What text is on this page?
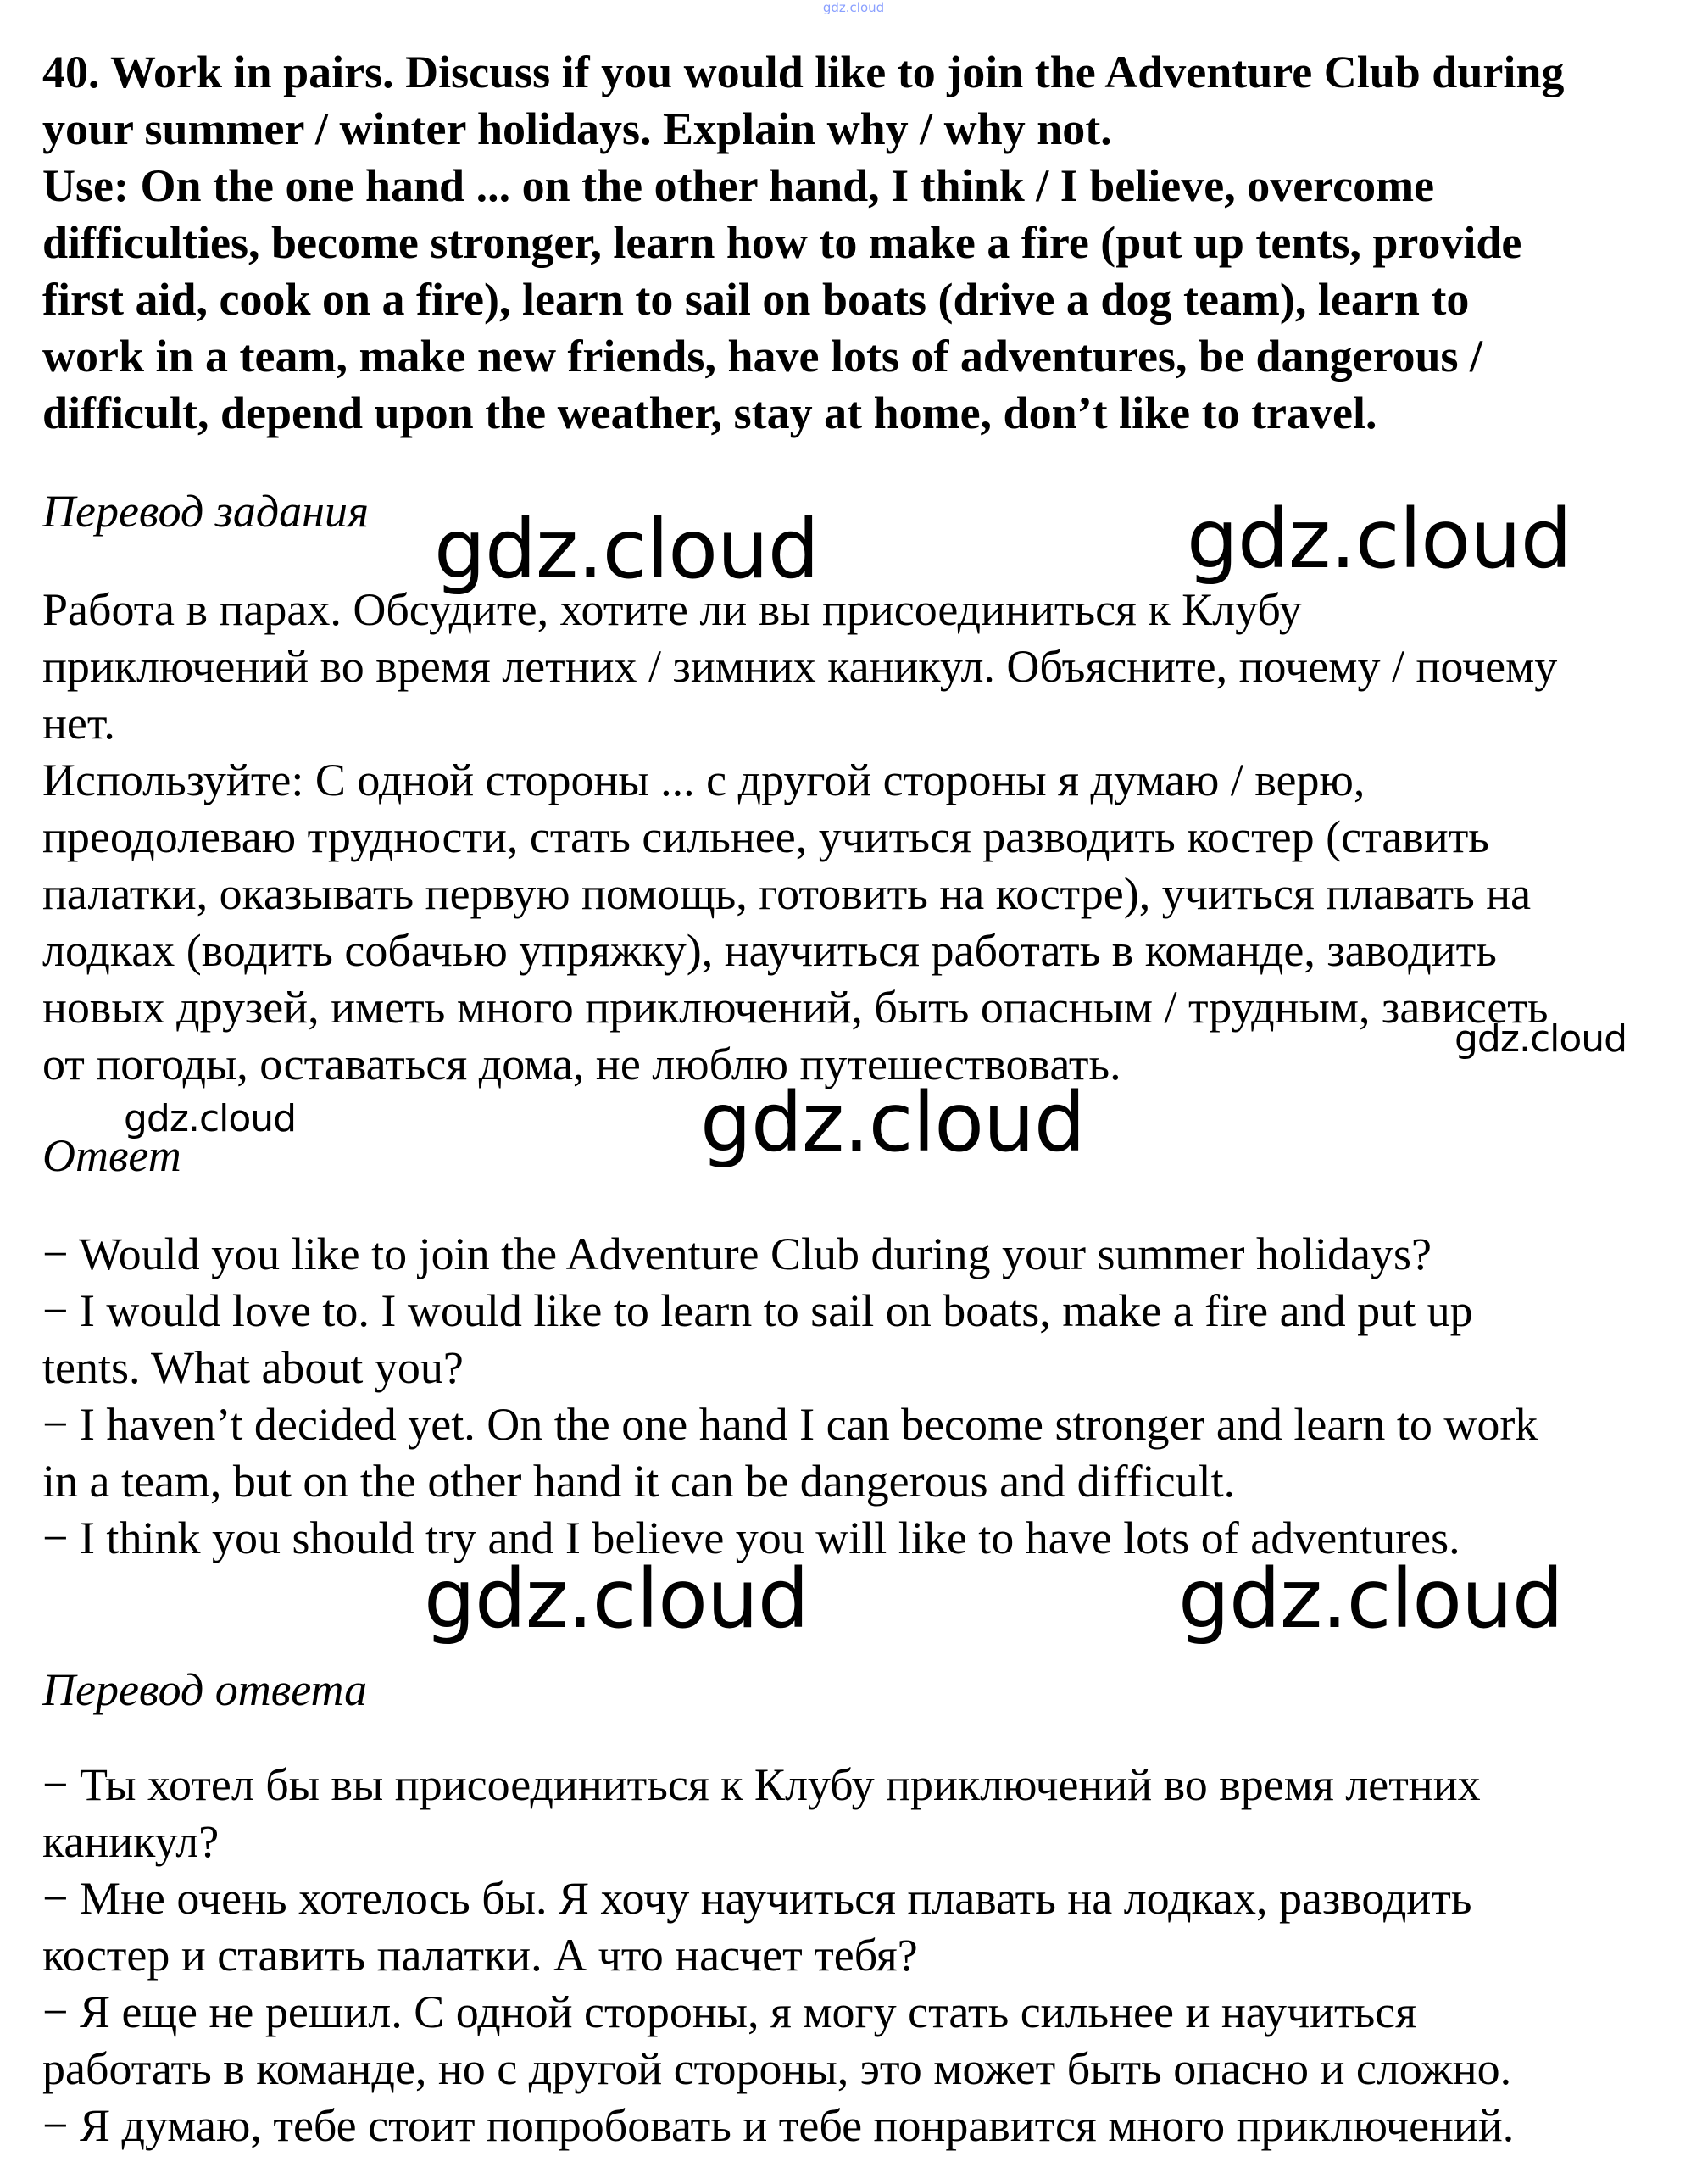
gdz.cloud
40. Work in pairs. Discuss if you would like to join the Adventure Club during
your summer / winter holidays. Explain why / why not.
Use: On the one hand ... on the other hand, I think / I believe, overcome
difficulties, become stronger, learn how to make a fire (put up tents, provide
first aid, cook on a fire), learn to sail on boats (drive a dog team), learn to
work in a team, make new friends, have lots of adventures, be dangerous /
difficult, depend upon the weather, stay at home, don’t like to travel.
Перевод задания
Работа в парах. Обсудите, хотите ли вы присоединиться к Клубу
приключений во время летних / зимних каникул. Объясните, почему / почему
нет.
Используйте: С одной стороны ... с другой стороны я думаю / верю,
преодолеваю трудности, стать сильнее, учиться разводить костер (ставить
палатки, оказывать первую помощь, готовить на костре), учиться плавать на
лодках (водить собачью упряжку), научиться работать в команде, заводить
новых друзей, иметь много приключений, быть опасным / трудным, зависеть
от погоды, оставаться дома, не люблю путешествовать.
Ответ
− Would you like to join the Adventure Club during your summer holidays?
− I would love to. I would like to learn to sail on boats, make a fire and put up
tents. What about you?
− I haven’t decided yet. On the one hand I can become stronger and learn to work
in a team, but on the other hand it can be dangerous and difficult.
− I think you should try and I believe you will like to have lots of adventures.
Перевод ответа
− Ты хотел бы вы присоединиться к Клубу приключений во время летних
каникул?
− Мне очень хотелось бы. Я хочу научиться плавать на лодках, разводить
костер и ставить палатки. А что насчет тебя?
− Я еще не решил. С одной стороны, я могу стать сильнее и научиться
работать в команде, но с другой стороны, это может быть опасно и сложно.
− Я думаю, тебе стоит попробовать и тебе понравится много приключений.
gdz.cloud	gdz.cloud
gdz.cloud
gdz.cloud	gdz.cloud
gdz.cloud	gdz.cloud
